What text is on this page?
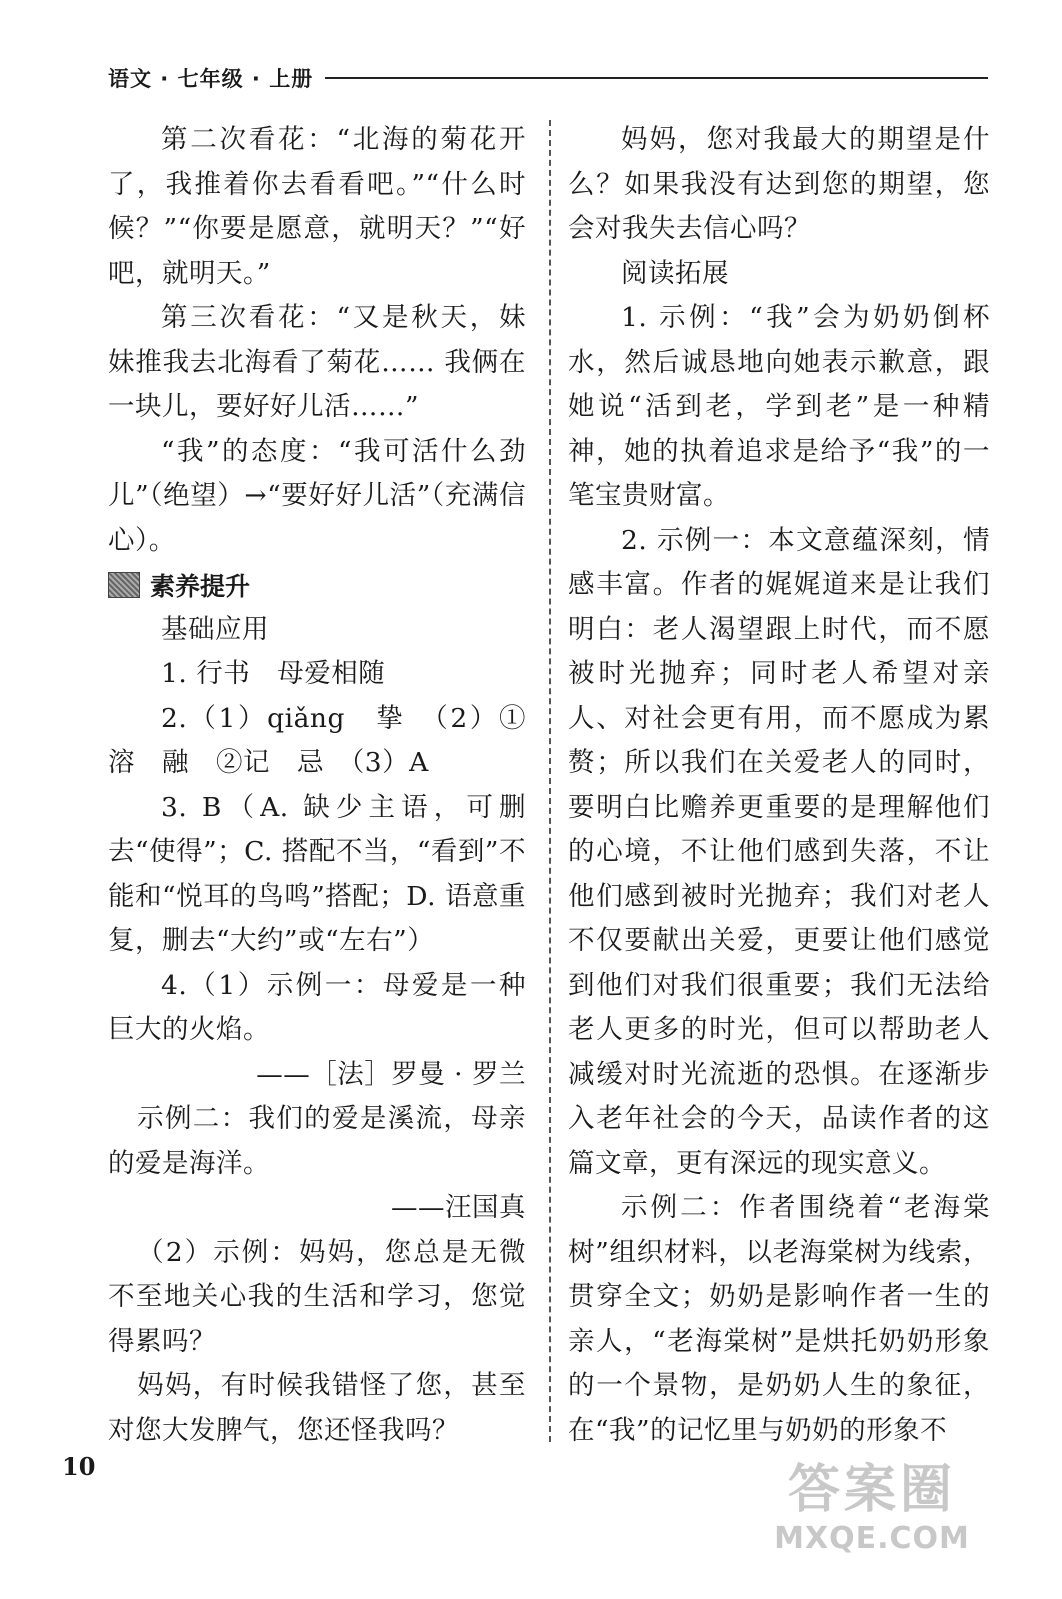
语文 · 七年级 · 上册

第二次看花：“北海的菊花开了，我推着你去看看吧。”“什么时候？”“你要是愿意，就明天？”“好吧，就明天。”

第三次看花：“又是秋天，妹妹推我去北海看了菊花…… 我俩在一块儿，要好好儿活……”

“我”的态度：“我可活什么劲儿”（绝望）→“要好好儿活”（充满信心）。

素养提升

基础应用

1. 行书　母爱相随

2.（1）qiǎng　挚　（2）①溶　融　②记　忌　（3）A

3. B（A. 缺少主语，可删去“使得”；C. 搭配不当，“看到”不能和“悦耳的鸟鸣”搭配；D. 语意重复，删去“大约”或“左右”）

4.（1）示例一：母爱是一种巨大的火焰。

——［法］罗曼 · 罗兰

示例二：我们的爱是溪流，母亲的爱是海洋。

——汪国真

（2）示例：妈妈，您总是无微不至地关心我的生活和学习，您觉得累吗？

妈妈，有时候我错怪了您，甚至对您大发脾气，您还怪我吗？

妈妈，您对我最大的期望是什么？如果我没有达到您的期望，您会对我失去信心吗？

阅读拓展

1. 示例：“我”会为奶奶倒杯水，然后诚恳地向她表示歉意，跟她说“活到老，学到老”是一种精神，她的执着追求是给予“我”的一笔宝贵财富。

2. 示例一：本文意蕴深刻，情感丰富。作者的娓娓道来是让我们明白：老人渴望跟上时代，而不愿被时光抛弃；同时老人希望对亲人、对社会更有用，而不愿成为累赘；所以我们在关爱老人的同时，要明白比赡养更重要的是理解他们的心境，不让他们感到失落，不让他们感到被时光抛弃；我们对老人不仅要献出关爱，更要让他们感觉到他们对我们很重要；我们无法给老人更多的时光，但可以帮助老人减缓对时光流逝的恐惧。在逐渐步入老年社会的今天，品读作者的这篇文章，更有深远的现实意义。

示例二：作者围绕着“老海棠树”组织材料，以老海棠树为线索，贯穿全文；奶奶是影响作者一生的亲人，“老海棠树”是烘托奶奶形象的一个景物，是奶奶人生的象征，在“我”的记忆里与奶奶的形象不

10	答案圈
MXQE.COM
